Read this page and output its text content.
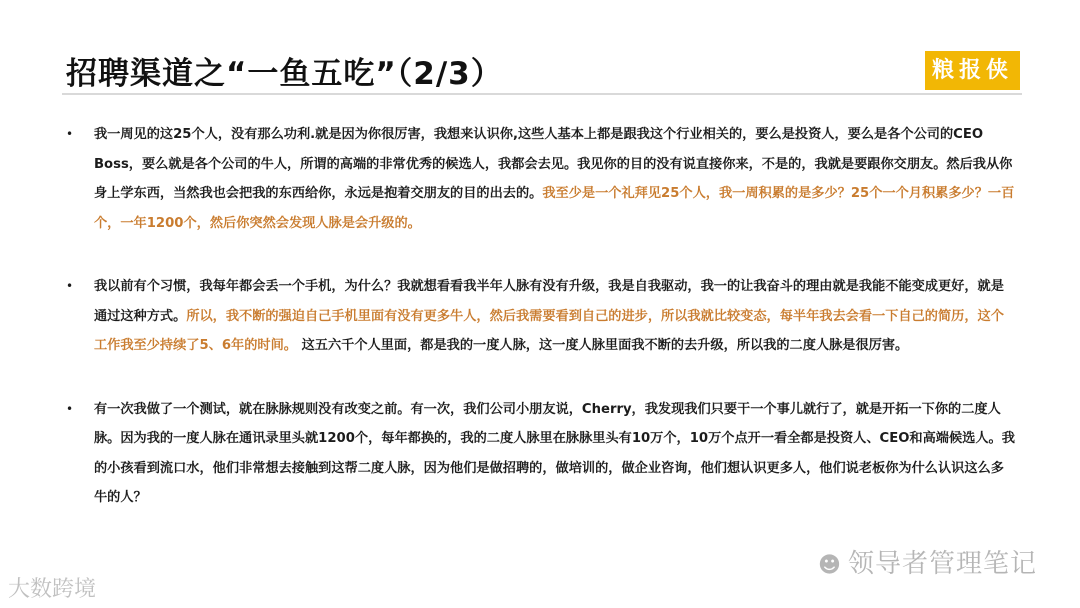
招聘渠道之“一鱼五吃”（2/3）	粮报侠
• 我一周见的这25个人，没有那么功利.就是因为你很厉害，我想来认识你,这些人基本上都是跟我这个行业相关的，要么是投资人，要么是各个公司的CEO Boss，要么就是各个公司的牛人，所谓的高端的非常优秀的候选人，我都会去见。我见你的目的没有说直接你来，不是的，我就是要跟你交朋友。然后我从你身上学东西，当然我也会把我的东西给你，永远是抱着交朋友的目的出去的。我至少是一个礼拜见25个人，我一周积累的是多少？25个一个月积累多少？一百个，一年1200个，然后你突然会发现人脉是会升级的。
• 我以前有个习惯，我每年都会丢一个手机，为什么？我就想看看我半年人脉有没有升级，我是自我驱动，我一的让我奋斗的理由就是我能不能变成更好，就是通过这种方式。所以，我不断的强迫自己手机里面有没有更多牛人，然后我需要看到自己的进步，所以我就比较变态，每半年我去会看一下自己的简历，这个工作我至少持续了5、6年的时间。 这五六千个人里面，都是我的一度人脉，这一度人脉里面我不断的去升级，所以我的二度人脉是很厉害。
• 有一次我做了一个测试，就在脉脉规则没有改变之前。有一次，我们公司小朋友说，Cherry，我发现我们只要干一个事儿就行了，就是开拓一下你的二度人脉。因为我的一度人脉在通讯录里头就1200个，每年都换的，我的二度人脉里在脉脉里头有10万个，10万个点开一看全都是投资人、CEO和高端候选人。我的小孩看到流口水，他们非常想去接触到这帮二度人脉，因为他们是做招聘的，做培训的，做企业咨询，他们想认识更多人，他们说老板你为什么认识这么多牛的人？
☻ 领导者管理笔记
大数跨境
